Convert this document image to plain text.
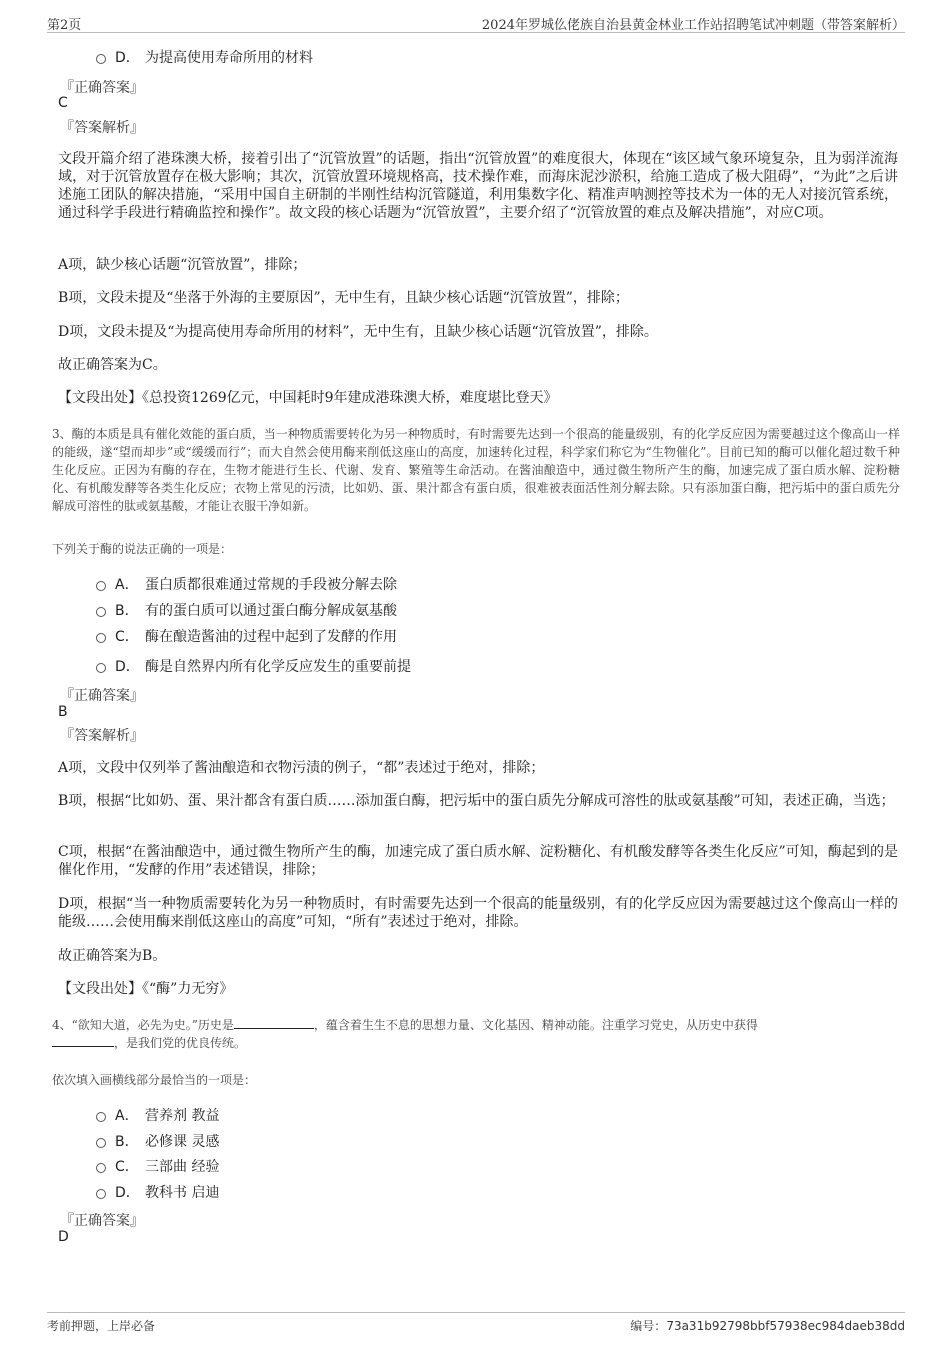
第2页	2024年罗城仫佬族自治县黄金林业工作站招聘笔试冲刺题（带答案解析）
D． 为提高使用寿命所用的材料
『正确答案』
C
『答案解析』
文段开篇介绍了港珠澳大桥，接着引出了“沉管放置”的话题，指出“沉管放置”的难度很大，体现在“该区域气象环境复杂，且为弱洋流海域，对于沉管放置存在极大影响；其次，沉管放置环境规格高，技术操作难，而海床泥沙淤积，给施工造成了极大阻碍”，“为此”之后讲述施工团队的解决措施，“采用中国自主研制的半刚性结构沉管隧道，利用集数字化、精准声呐测控等技术为一体的无人对接沉管系统，通过科学手段进行精确监控和操作”。故文段的核心话题为“沉管放置”，主要介绍了“沉管放置的难点及解决措施”，对应C项。
A项，缺少核心话题“沉管放置”，排除；
B项，文段未提及“坐落于外海的主要原因”，无中生有，且缺少核心话题“沉管放置”，排除；
D项，文段未提及“为提高使用寿命所用的材料”，无中生有，且缺少核心话题“沉管放置”，排除。
故正确答案为C。
【文段出处】《总投资1269亿元，中国耗时9年建成港珠澳大桥，难度堪比登天》
3、酶的本质是具有催化效能的蛋白质，当一种物质需要转化为另一种物质时，有时需要先达到一个很高的能量级别，有的化学反应因为需要越过这个像高山一样的能级，遂“望而却步”或“缓缓而行”；而大自然会使用酶来削低这座山的高度，加速转化过程，科学家们称它为“生物催化”。目前已知的酶可以催化超过数千种生化反应。正因为有酶的存在，生物才能进行生长、代谢、发育、繁殖等生命活动。在酱油酿造中，通过微生物所产生的酶，加速完成了蛋白质水解、淀粉糖化、有机酸发酵等各类生化反应；衣物上常见的污渍，比如奶、蛋、果汁都含有蛋白质，很难被表面活性剂分解去除。只有添加蛋白酶，把污垢中的蛋白质先分解成可溶性的肽或氨基酸，才能让衣服干净如新。
下列关于酶的说法正确的一项是：
A． 蛋白质都很难通过常规的手段被分解去除
B． 有的蛋白质可以通过蛋白酶分解成氨基酸
C． 酶在酿造酱油的过程中起到了发酵的作用
D． 酶是自然界内所有化学反应发生的重要前提
『正确答案』
B
『答案解析』
A项，文段中仅列举了酱油酿造和衣物污渍的例子，“都”表述过于绝对，排除；
B项，根据“比如奶、蛋、果汁都含有蛋白质……添加蛋白酶，把污垢中的蛋白质先分解成可溶性的肽或氨基酸”可知，表述正确，当选；
C项，根据“在酱油酿造中，通过微生物所产生的酶，加速完成了蛋白质水解、淀粉糖化、有机酸发酵等各类生化反应”可知，酶起到的是催化作用，“发酵的作用”表述错误，排除；
D项，根据“当一种物质需要转化为另一种物质时，有时需要先达到一个很高的能量级别，有的化学反应因为需要越过这个像高山一样的能级……会使用酶来削低这座山的高度”可知，“所有”表述过于绝对，排除。
故正确答案为B。
【文段出处】《“酶”力无穷》
4、“欲知大道，必先为史。”历史是	，蕴含着生生不息的思想力量、文化基因、精神动能。注重学习党史，从历史中获得
，是我们党的优良传统。
依次填入画横线部分最恰当的一项是：
A． 营养剂 教益
B． 必修课 灵感
C． 三部曲 经验
D． 教科书 启迪
『正确答案』
D
考前押题，上岸必备	编号：73a31b92798bbf57938ec984daeb38dd
